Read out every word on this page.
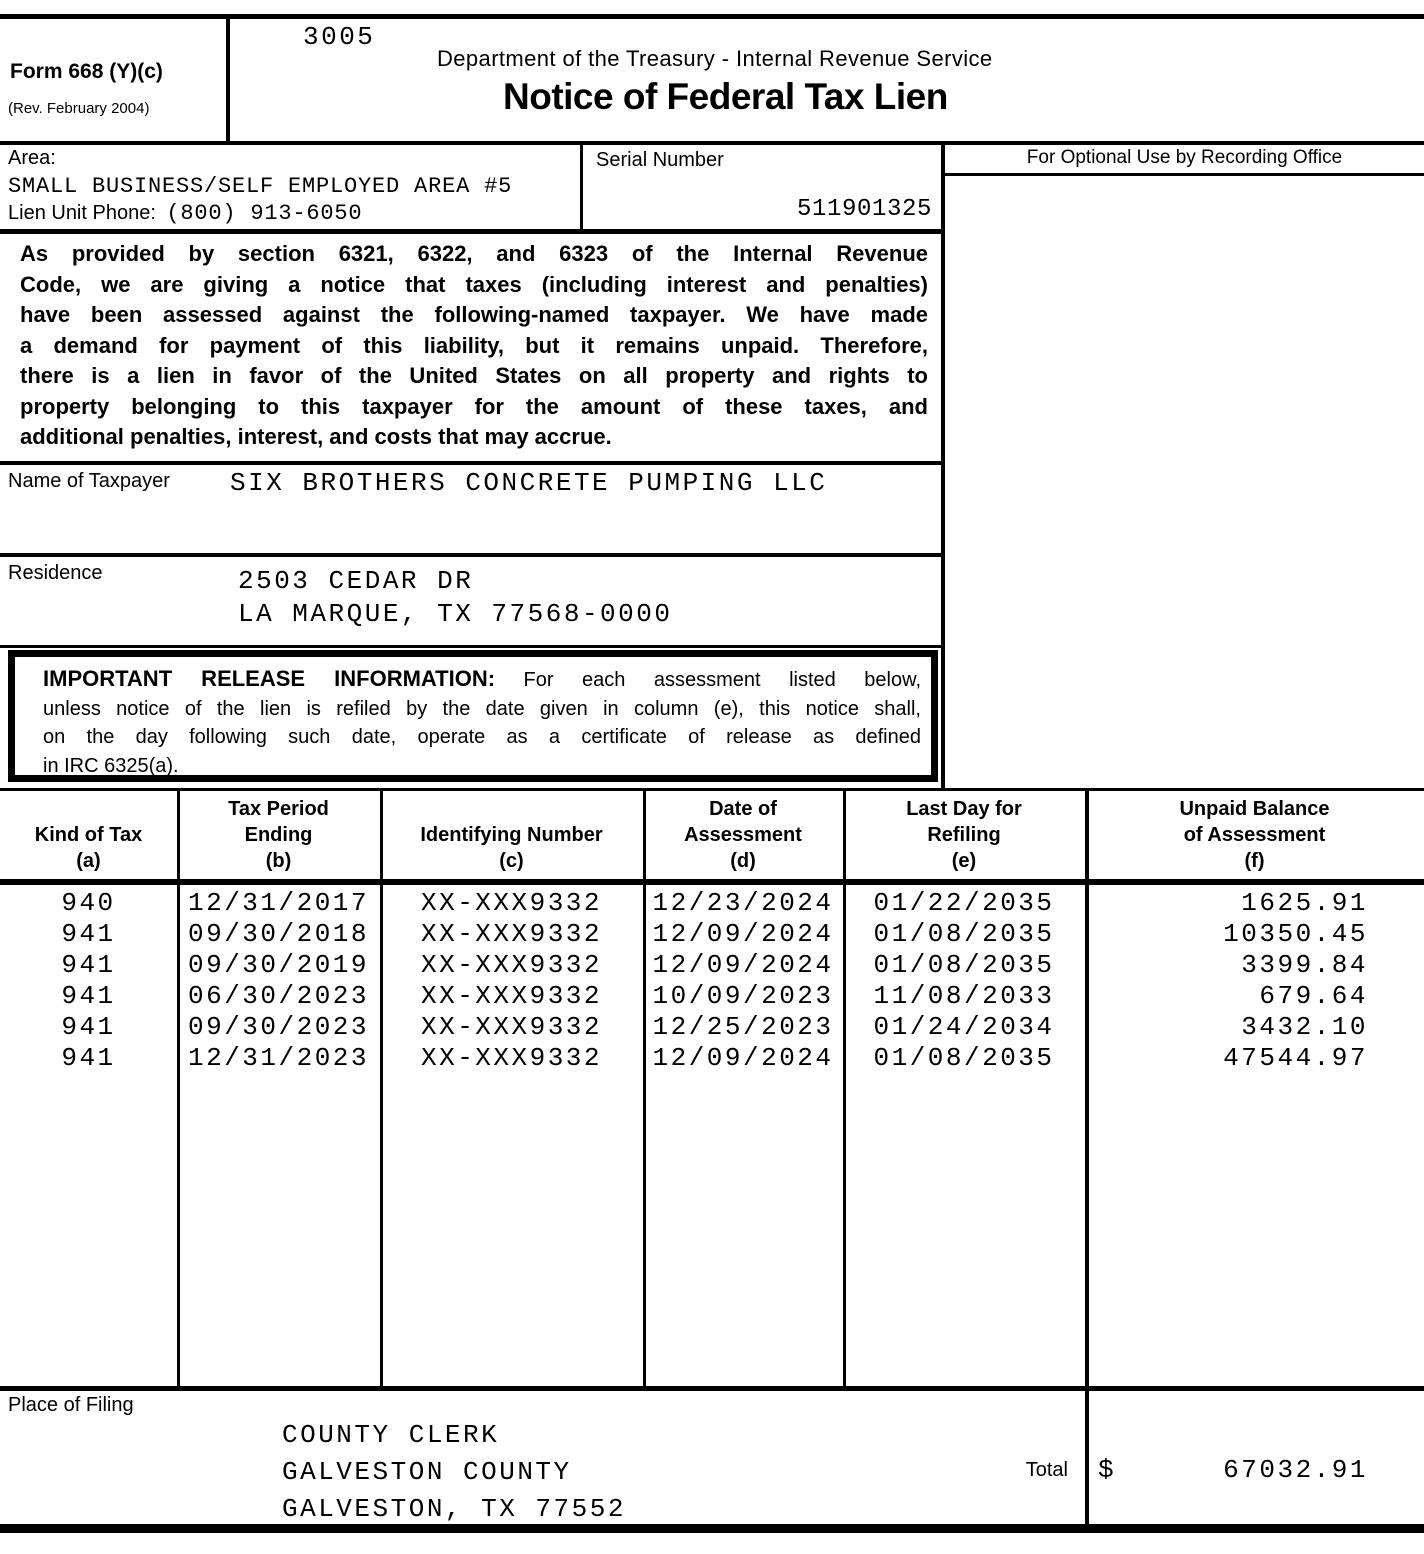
Form 668 (Y)(c)
(Rev. February 2004)
3005
Department of the Treasury - Internal Revenue Service
Notice of Federal Tax Lien
Area:
SMALL BUSINESS/SELF EMPLOYED AREA #5
Lien Unit Phone: (800) 913-6050
Serial Number
511901325
For Optional Use by Recording Office
As provided by section 6321, 6322, and 6323 of the Internal Revenue
Code, we are giving a notice that taxes (including interest and penalties)
have been assessed against the following-named taxpayer. We have made
a demand for payment of this liability, but it remains unpaid. Therefore,
there is a lien in favor of the United States on all property and rights to
property belonging to this taxpayer for the amount of these taxes, and
additional penalties, interest, and costs that may accrue.
Name of Taxpayer SIX BROTHERS CONCRETE PUMPING LLC
Residence	2503 CEDAR DR
LA MARQUE, TX 77568-0000
IMPORTANT RELEASE INFORMATION: For each assessment listed below,
unless notice of the lien is refiled by the date given in column (e), this notice shall,
on the day following such date, operate as a certificate of release as defined
in IRC 6325(a).
Kind of Tax
(a)
Tax Period
Ending
(b)
Identifying Number
(c)
Date of
Assessment
(d)
Last Day for
Refiling
(e)
Unpaid Balance
of Assessment
(f)
940	12/31/2017	XX-XXX9332	12/23/2024	01/22/2035	1625.91
941	09/30/2018	XX-XXX9332	12/09/2024	01/08/2035	10350.45
941	09/30/2019	XX-XXX9332	12/09/2024	01/08/2035	3399.84
941	06/30/2023	XX-XXX9332	10/09/2023	11/08/2033	679.64
941	09/30/2023	XX-XXX9332	12/25/2023	01/24/2034	3432.10
941	12/31/2023	XX-XXX9332	12/09/2024	01/08/2035	47544.97
Place of Filing
COUNTY CLERK
GALVESTON COUNTY
GALVESTON, TX 77552
Total $	67032.91
